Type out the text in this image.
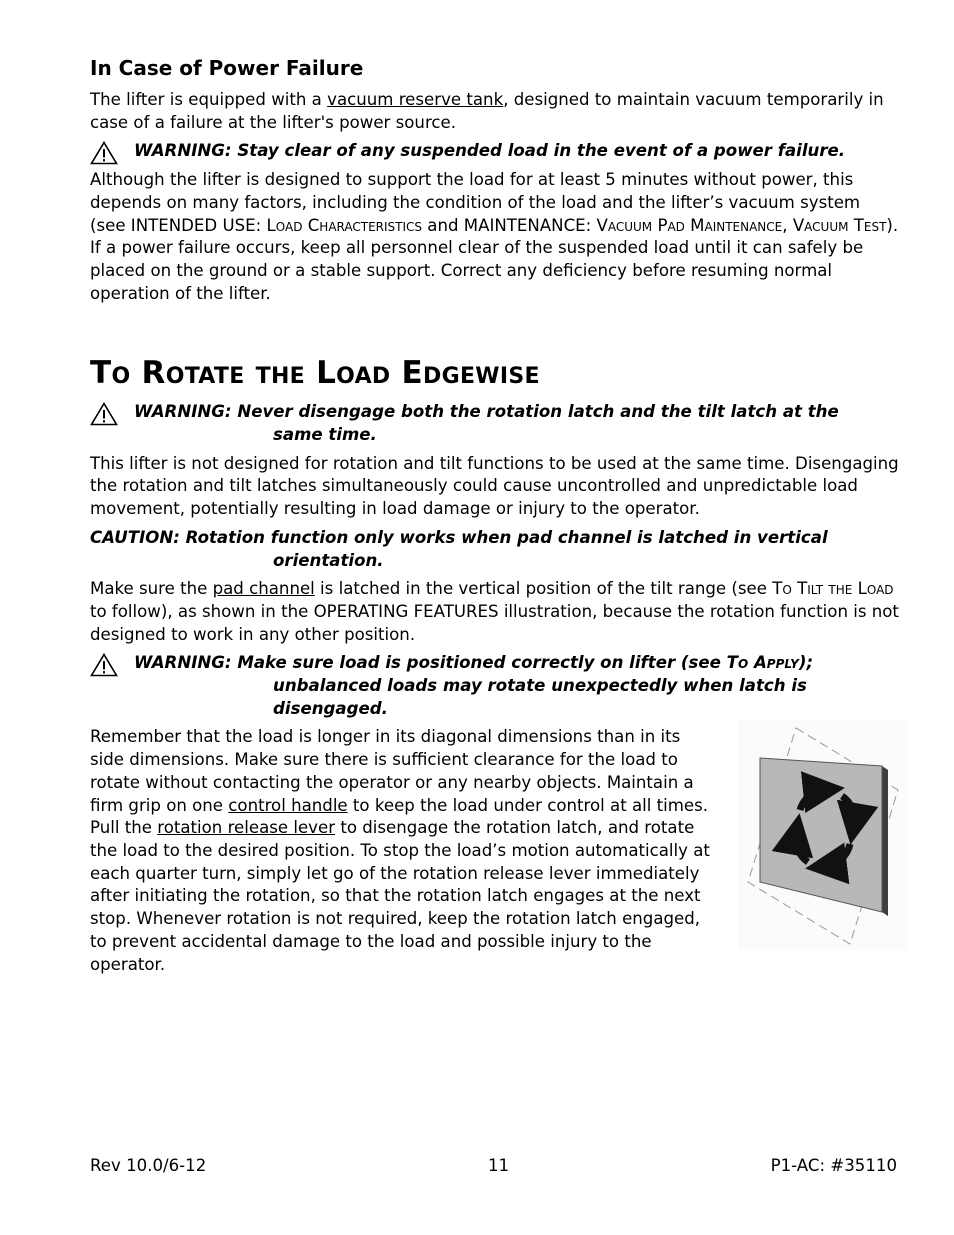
In Case of Power Failure

The lifter is equipped with a vacuum reserve tank, designed to maintain vacuum temporarily in case of a failure at the lifter's power source.

WARNING: Stay clear of any suspended load in the event of a power failure.

Although the lifter is designed to support the load for at least 5 minutes without power, this depends on many factors, including the condition of the load and the lifter’s vacuum system (see INTENDED USE: Load Characteristics and MAINTENANCE: Vacuum Pad Maintenance, Vacuum Test). If a power failure occurs, keep all personnel clear of the suspended load until it can safely be placed on the ground or a stable support. Correct any deficiency before resuming normal operation of the lifter.

To Rotate the Load Edgewise
WARNING: Never disengage both the rotation latch and the tilt latch at the
same time.

This lifter is not designed for rotation and tilt functions to be used at the same time. Disengaging the rotation and tilt latches simultaneously could cause uncontrolled and unpredictable load movement, potentially resulting in load damage or injury to the operator.

CAUTION: Rotation function only works when pad channel is latched in vertical
orientation.

Make sure the pad channel is latched in the vertical position of the tilt range (see To Tilt the Load to follow), as shown in the OPERATING FEATURES illustration, because the rotation function is not designed to work in any other position.

WARNING: Make sure load is positioned correctly on lifter (see To Apply);
unbalanced loads may rotate unexpectedly when latch is
disengaged.

Remember that the load is longer in its diagonal dimensions than in its side dimensions. Make sure there is sufficient clearance for the load to rotate without contacting the operator or any nearby objects. Maintain a firm grip on one control handle to keep the load under control at all times. Pull the rotation release lever to disengage the rotation latch, and rotate the load to the desired position. To stop the load’s motion automatically at each quarter turn, simply let go of the rotation release lever immediately after initiating the rotation, so that the rotation latch engages at the next stop. Whenever rotation is not required, keep the rotation latch engaged, to prevent accidental damage to the load and possible injury to the operator.

Rev 10.0/6-12	11	P1-AC: #35110
